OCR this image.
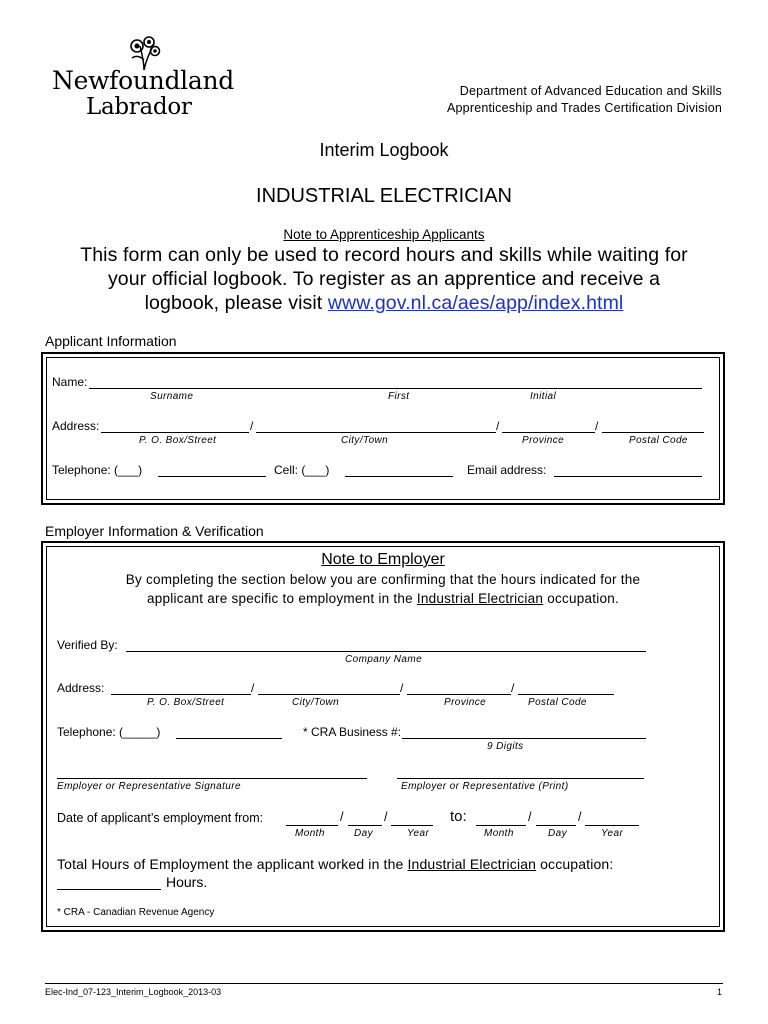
Newfoundland
Labrador
Department of Advanced Education and Skills
Apprenticeship and Trades Certification Division
Interim Logbook
INDUSTRIAL ELECTRICIAN
Note to Apprenticeship Applicants
This form can only be used to record hours and skills while waiting for
your official logbook. To register as an apprentice and receive a
logbook, please visit www.gov.nl.ca/aes/app/index.html
Applicant Information
Name:
Surname	First	Initial
Address:	/	/	/
P. O. Box/Street	City/Town	Province	Postal Code
Telephone: (___)	Cell: (___)	Email address:
Employer Information & Verification
Note to Employer
By completing the section below you are confirming that the hours indicated for the
applicant are specific to employment in the Industrial Electrician occupation.
Verified By:
Company Name
Address:	/	/	/
P. O. Box/Street	City/Town	Province	Postal Code
Telephone: (_____)	* CRA Business #:
9 Digits
Employer or Representative Signature	Employer or Representative (Print)
Date of applicant’s employment from:	/	/
Month	Day	Year
to:	/	/
Month	Day	Year
Total Hours of Employment the applicant worked in the Industrial Electrician occupation:
Hours.
* CRA - Canadian Revenue Agency
Elec-Ind_07-123_Interim_Logbook_2013-03	1
